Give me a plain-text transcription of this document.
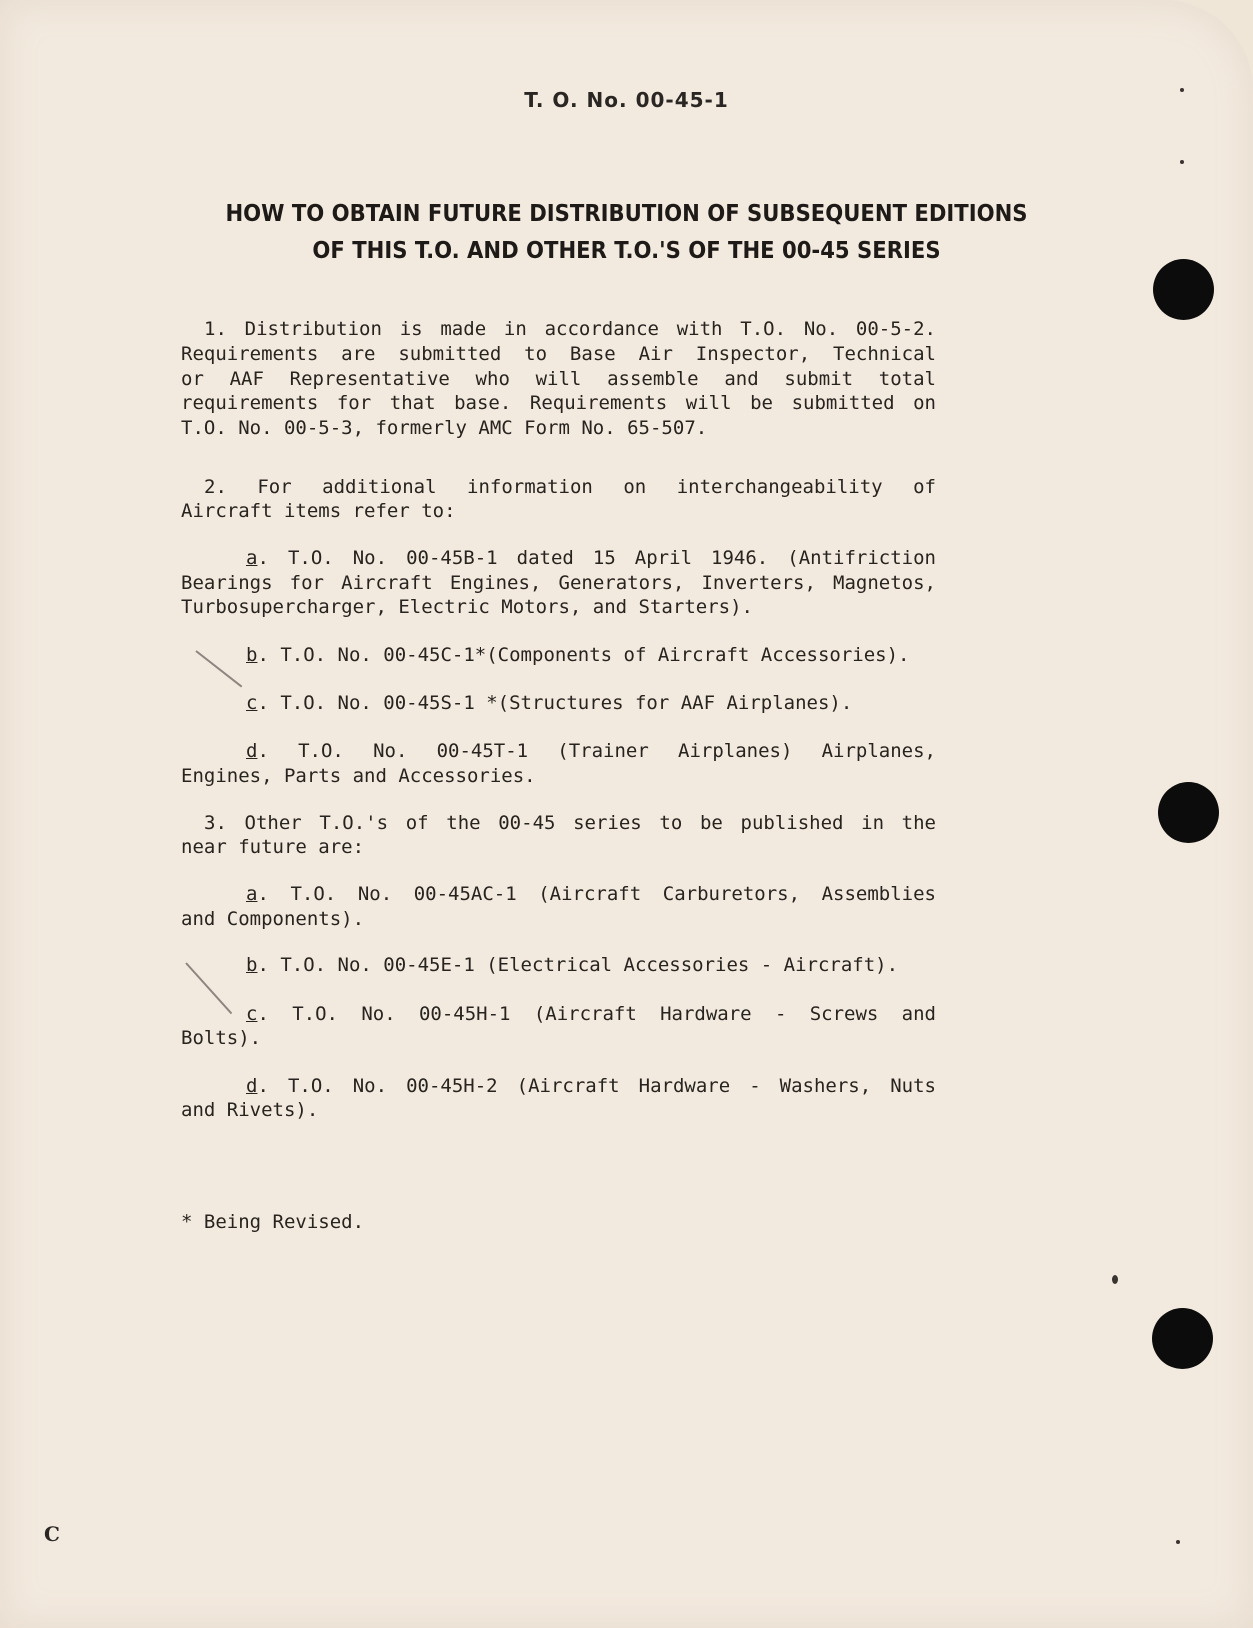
T. O. No. 00-45-1
HOW TO OBTAIN FUTURE DISTRIBUTION OF SUBSEQUENT EDITIONS
OF THIS T.O. AND OTHER T.O.'S OF THE 00-45 SERIES
1. Distribution is made in accordance with T.O. No. 00-5-2.
Requirements are submitted to Base Air Inspector, Technical
or AAF Representative who will assemble and submit total
requirements for that base. Requirements will be submitted on
T.O. No. 00-5-3, formerly AMC Form No. 65-507.
2. For additional information on interchangeability of
Aircraft items refer to:
a. T.O. No. 00-45B-1 dated 15 April 1946. (Antifriction
Bearings for Aircraft Engines, Generators, Inverters, Magnetos,
Turbosupercharger, Electric Motors, and Starters).
b. T.O. No. 00-45C-1*(Components of Aircraft Accessories).
c. T.O. No. 00-45S-1 *(Structures for AAF Airplanes).
d. T.O. No. 00-45T-1 (Trainer Airplanes) Airplanes,
Engines, Parts and Accessories.
3. Other T.O.'s of the 00-45 series to be published in the
near future are:
a. T.O. No. 00-45AC-1 (Aircraft Carburetors, Assemblies
and Components).
b. T.O. No. 00-45E-1 (Electrical Accessories - Aircraft).
c. T.O. No. 00-45H-1 (Aircraft Hardware - Screws and
Bolts).
d. T.O. No. 00-45H-2 (Aircraft Hardware - Washers, Nuts
and Rivets).
* Being Revised.
C
